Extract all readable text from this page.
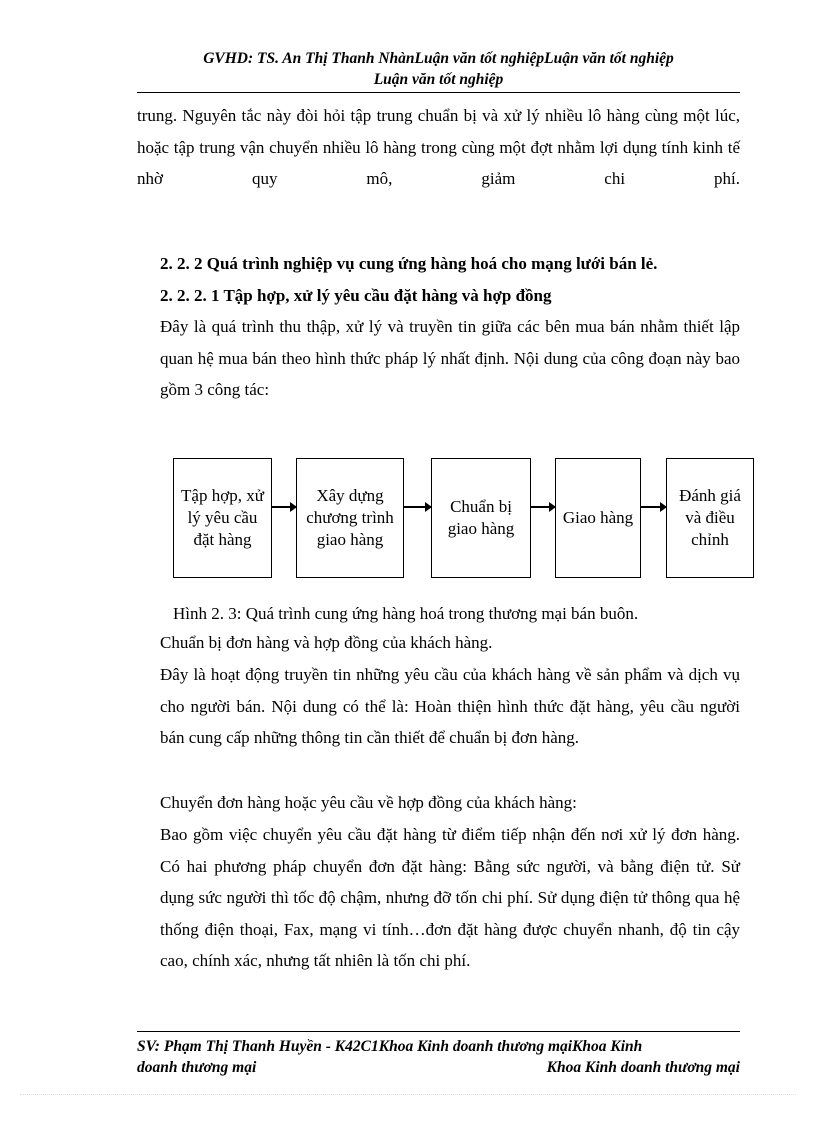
GVHD: TS. An Thị Thanh NhànLuận văn tốt nghiệpLuận văn tốt nghiệp
Luận văn tốt nghiệp

trung. Nguyên tắc này đòi hỏi tập trung chuẩn bị và xử lý nhiều lô hàng cùng một lúc, hoặc tập trung vận chuyển nhiều lô hàng trong cùng một đợt nhằm lợi dụng tính kinh tế nhờ quy mô, giảm chi phí.

2. 2. 2 Quá trình nghiệp vụ cung ứng hàng hoá cho mạng lưới bán lẻ.
2. 2. 2. 1 Tập hợp, xử lý yêu cầu đặt hàng và hợp đồng

Đây là quá trình thu thập, xử lý và truyền tin giữa các bên mua bán nhằm thiết lập quan hệ mua bán theo hình thức pháp lý nhất định. Nội dung của công đoạn này bao gồm 3 công tác:

Tập hợp, xử lý yêu cầu đặt hàng
Xây dựng chương trình giao hàng
Chuẩn bị giao hàng
Giao hàng
Đánh giá và điều chỉnh

Hình 2. 3: Quá trình cung ứng hàng hoá trong thương mại bán buôn.

Chuẩn bị đơn hàng và hợp đồng của khách hàng.

Đây là hoạt động truyền tin những yêu cầu của khách hàng về sản phẩm và dịch vụ cho người bán. Nội dung có thể là: Hoàn thiện hình thức đặt hàng, yêu cầu người bán cung cấp những thông tin cần thiết để chuẩn bị đơn hàng.

Chuyển đơn hàng hoặc yêu cầu về hợp đồng của khách hàng:

Bao gồm việc chuyển yêu cầu đặt hàng từ điểm tiếp nhận đến nơi xử lý đơn hàng. Có hai phương pháp chuyển đơn đặt hàng: Bằng sức người, và bằng điện tử. Sử dụng sức người thì tốc độ chậm, nhưng đỡ tốn chi phí. Sử dụng điện tử thông qua hệ thống điện thoại, Fax, mạng vi tính…đơn đặt hàng được chuyển nhanh, độ tin cậy cao, chính xác, nhưng tất nhiên là tốn chi phí.

SV: Phạm Thị Thanh Huyền - K42C1Khoa Kinh doanh thương mạiKhoa Kinh
doanh thương mại	Khoa Kinh doanh thương mại
